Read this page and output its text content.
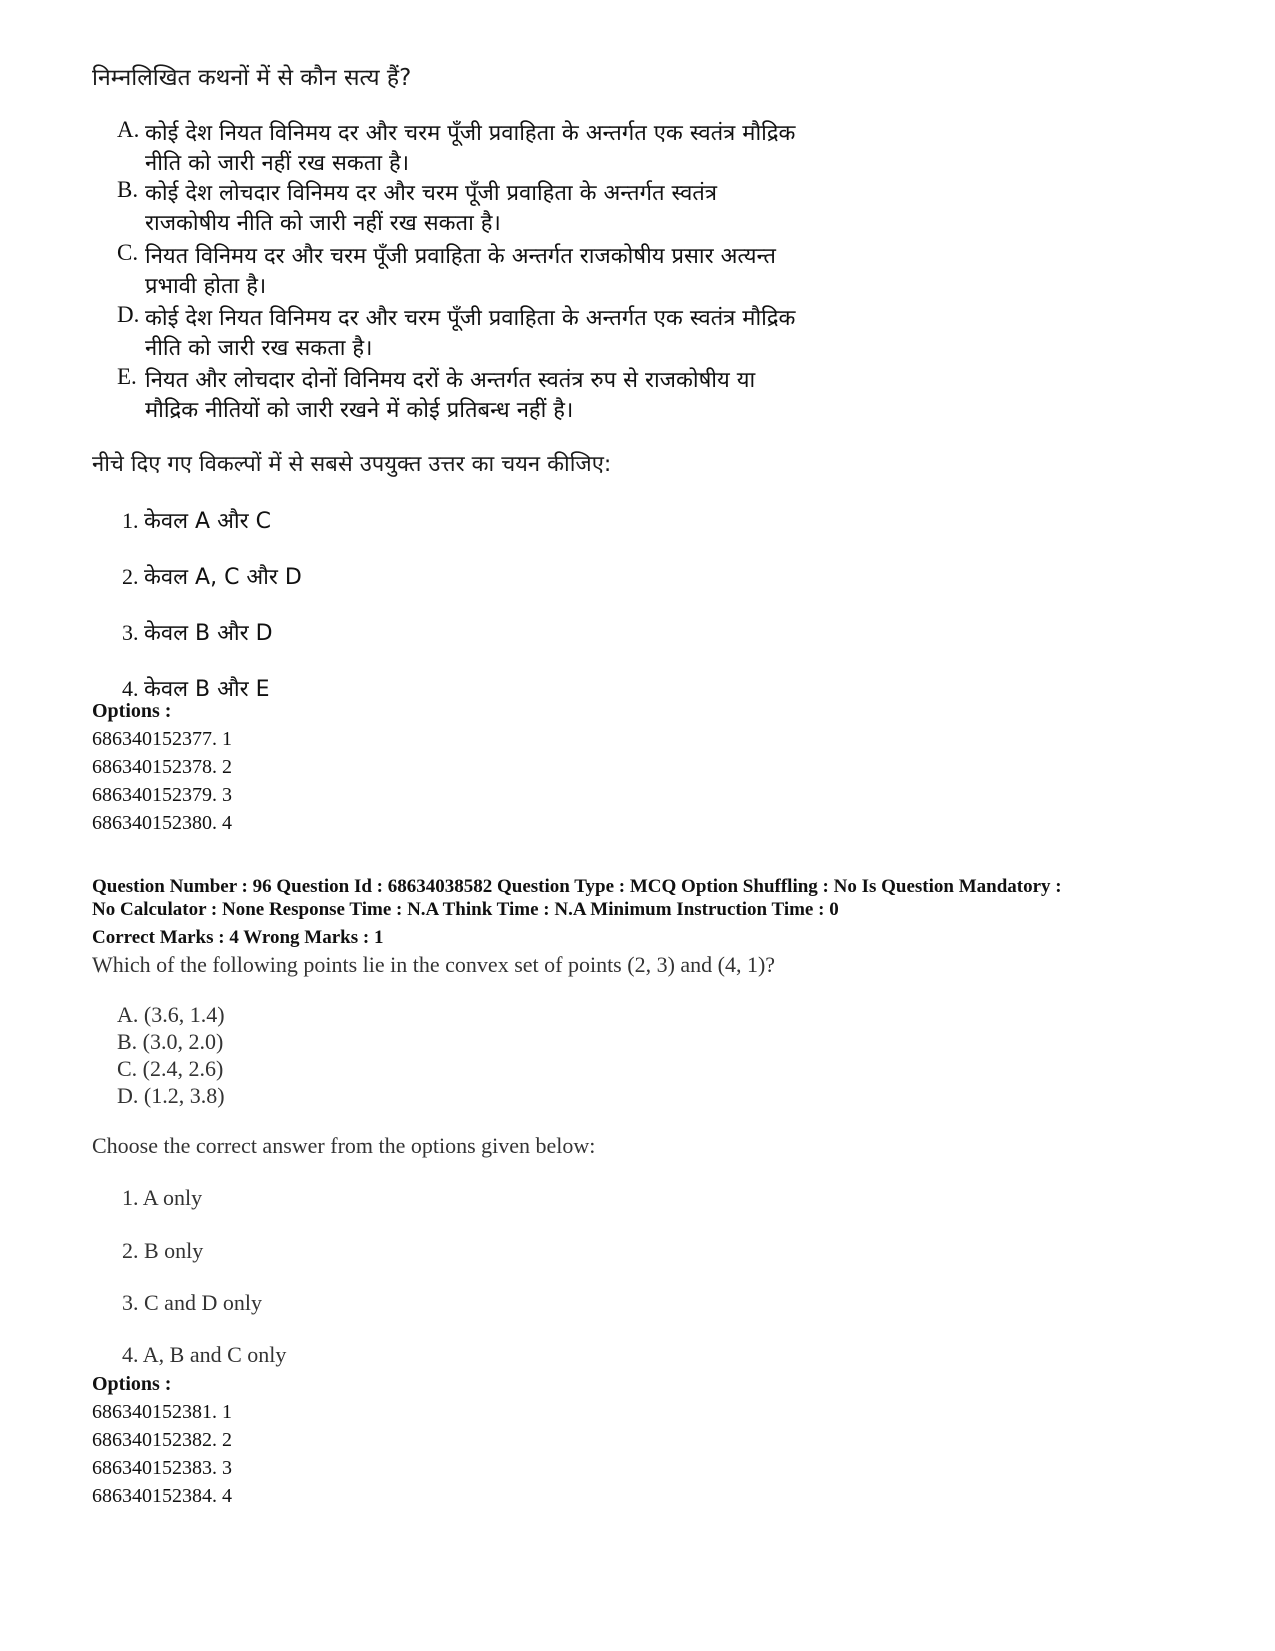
निम्नलिखित कथनों में से कौन सत्य हैं?
A. कोई देश नियत विनिमय दर और चरम पूँजी प्रवाहिता के अन्तर्गत एक स्वतंत्र मौद्रिक
नीति को जारी नहीं रख सकता है।
B. कोई देश लोचदार विनिमय दर और चरम पूँजी प्रवाहिता के अन्तर्गत स्वतंत्र
राजकोषीय नीति को जारी नहीं रख सकता है।
C. नियत विनिमय दर और चरम पूँजी प्रवाहिता के अन्तर्गत राजकोषीय प्रसार अत्यन्त
प्रभावी होता है।
D. कोई देश नियत विनिमय दर और चरम पूँजी प्रवाहिता के अन्तर्गत एक स्वतंत्र मौद्रिक
नीति को जारी रख सकता है।
E. नियत और लोचदार दोनों विनिमय दरों के अन्तर्गत स्वतंत्र रुप से राजकोषीय या
मौद्रिक नीतियों को जारी रखने में कोई प्रतिबन्ध नहीं है।
नीचे दिए गए विकल्पों में से सबसे उपयुक्त उत्तर का चयन कीजिए:
1. केवल A और C
2. केवल A, C और D
3. केवल B और D
4. केवल B और E
Options :
686340152377. 1
686340152378. 2
686340152379. 3
686340152380. 4
Question Number : 96 Question Id : 68634038582 Question Type : MCQ Option Shuffling : No Is Question Mandatory :
No Calculator : None Response Time : N.A Think Time : N.A Minimum Instruction Time : 0
Correct Marks : 4 Wrong Marks : 1
Which of the following points lie in the convex set of points (2, 3) and (4, 1)?
A. (3.6, 1.4)
B. (3.0, 2.0)
C. (2.4, 2.6)
D. (1.2, 3.8)
Choose the correct answer from the options given below:
1. A only
2. B only
3. C and D only
4. A, B and C only
Options :
686340152381. 1
686340152382. 2
686340152383. 3
686340152384. 4
